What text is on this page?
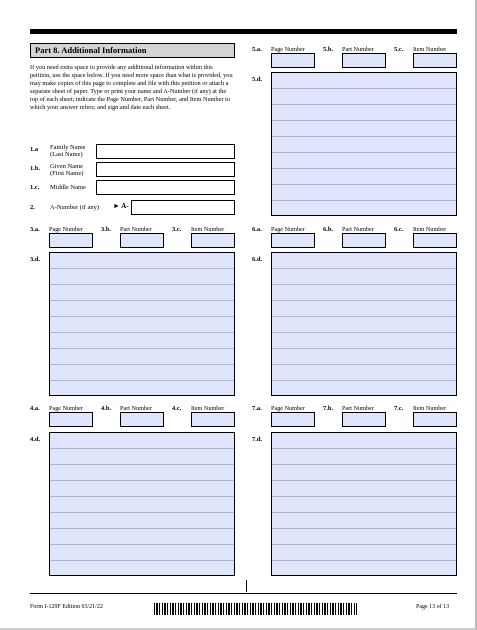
Part 8. Additional Information
If you need extra space to provide any additional information within this petition, use the space below. If you need more space than what is provided, you may make copies of this page to complete and file with this petition or attach a separate sheet of paper. Type or print your name and A-Number (if any) at the top of each sheet; indicate the Page Number, Part Number, and Item Number to which your answer refers; and sign and date each sheet.
1.a Family Name
(Last Name)
1.b. Given Name
(First Name)
1.c. Middle Name
2. A-Number (if any) ► A-
3.a. Page Number	3.b. Part Number	3.c. Item Number
3.d.
4.a. Page Number	4.b. Part Number	4.c. Item Number
4.d.
5.a. Page Number	5.b. Part Number	5.c. Item Number
5.d.
6.a. Page Number	6.b. Part Number	6.c. Item Number
6.d.
7.a. Page Number	7.b. Part Number	7.c. Item Number
7.d.
Form I-129F Edition 03/21/22	Page 13 of 13
